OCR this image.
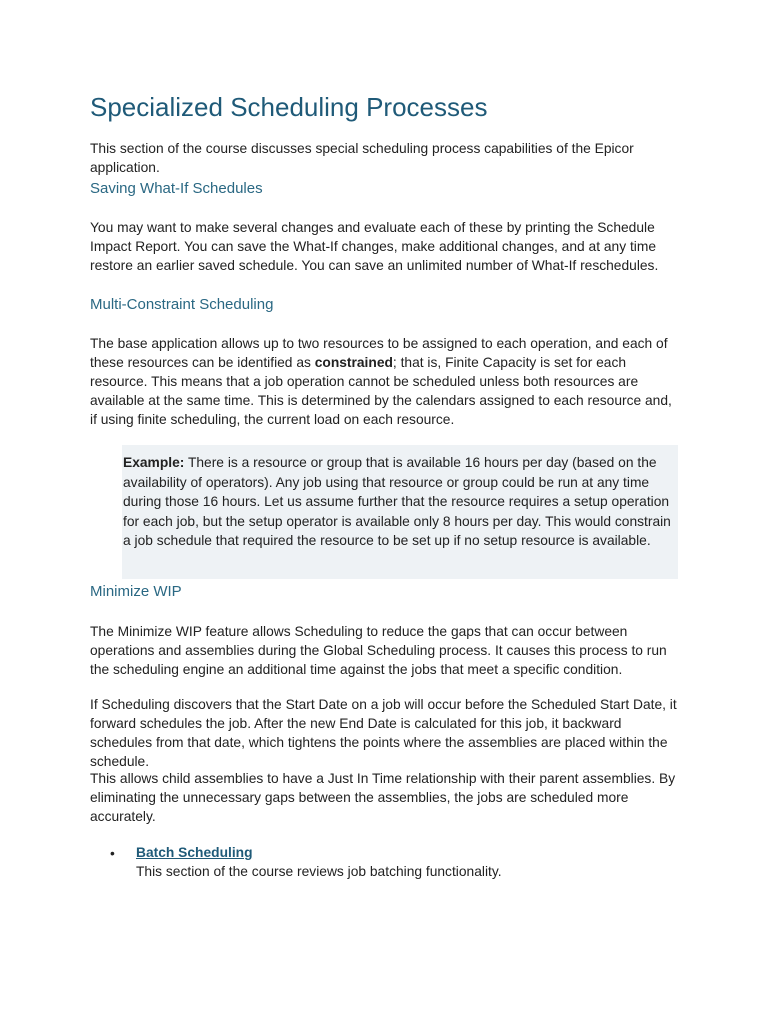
Specialized Scheduling Processes

This section of the course discusses special scheduling process capabilities of the Epicor application.

Saving What-If Schedules

You may want to make several changes and evaluate each of these by printing the Schedule Impact Report. You can save the What-If changes, make additional changes, and at any time restore an earlier saved schedule. You can save an unlimited number of What-If reschedules.

Multi-Constraint Scheduling

The base application allows up to two resources to be assigned to each operation, and each of these resources can be identified as constrained; that is, Finite Capacity is set for each resource. This means that a job operation cannot be scheduled unless both resources are available at the same time. This is determined by the calendars assigned to each resource and, if using finite scheduling, the current load on each resource.

Example: There is a resource or group that is available 16 hours per day (based on the availability of operators). Any job using that resource or group could be run at any time during those 16 hours. Let us assume further that the resource requires a setup operation for each job, but the setup operator is available only 8 hours per day. This would constrain a job schedule that required the resource to be set up if no setup resource is available.

Minimize WIP

The Minimize WIP feature allows Scheduling to reduce the gaps that can occur between operations and assemblies during the Global Scheduling process. It causes this process to run the scheduling engine an additional time against the jobs that meet a specific condition.

If Scheduling discovers that the Start Date on a job will occur before the Scheduled Start Date, it forward schedules the job. After the new End Date is calculated for this job, it backward schedules from that date, which tightens the points where the assemblies are placed within the schedule.

This allows child assemblies to have a Just In Time relationship with their parent assemblies. By eliminating the unnecessary gaps between the assemblies, the jobs are scheduled more accurately.

• Batch Scheduling
This section of the course reviews job batching functionality.
